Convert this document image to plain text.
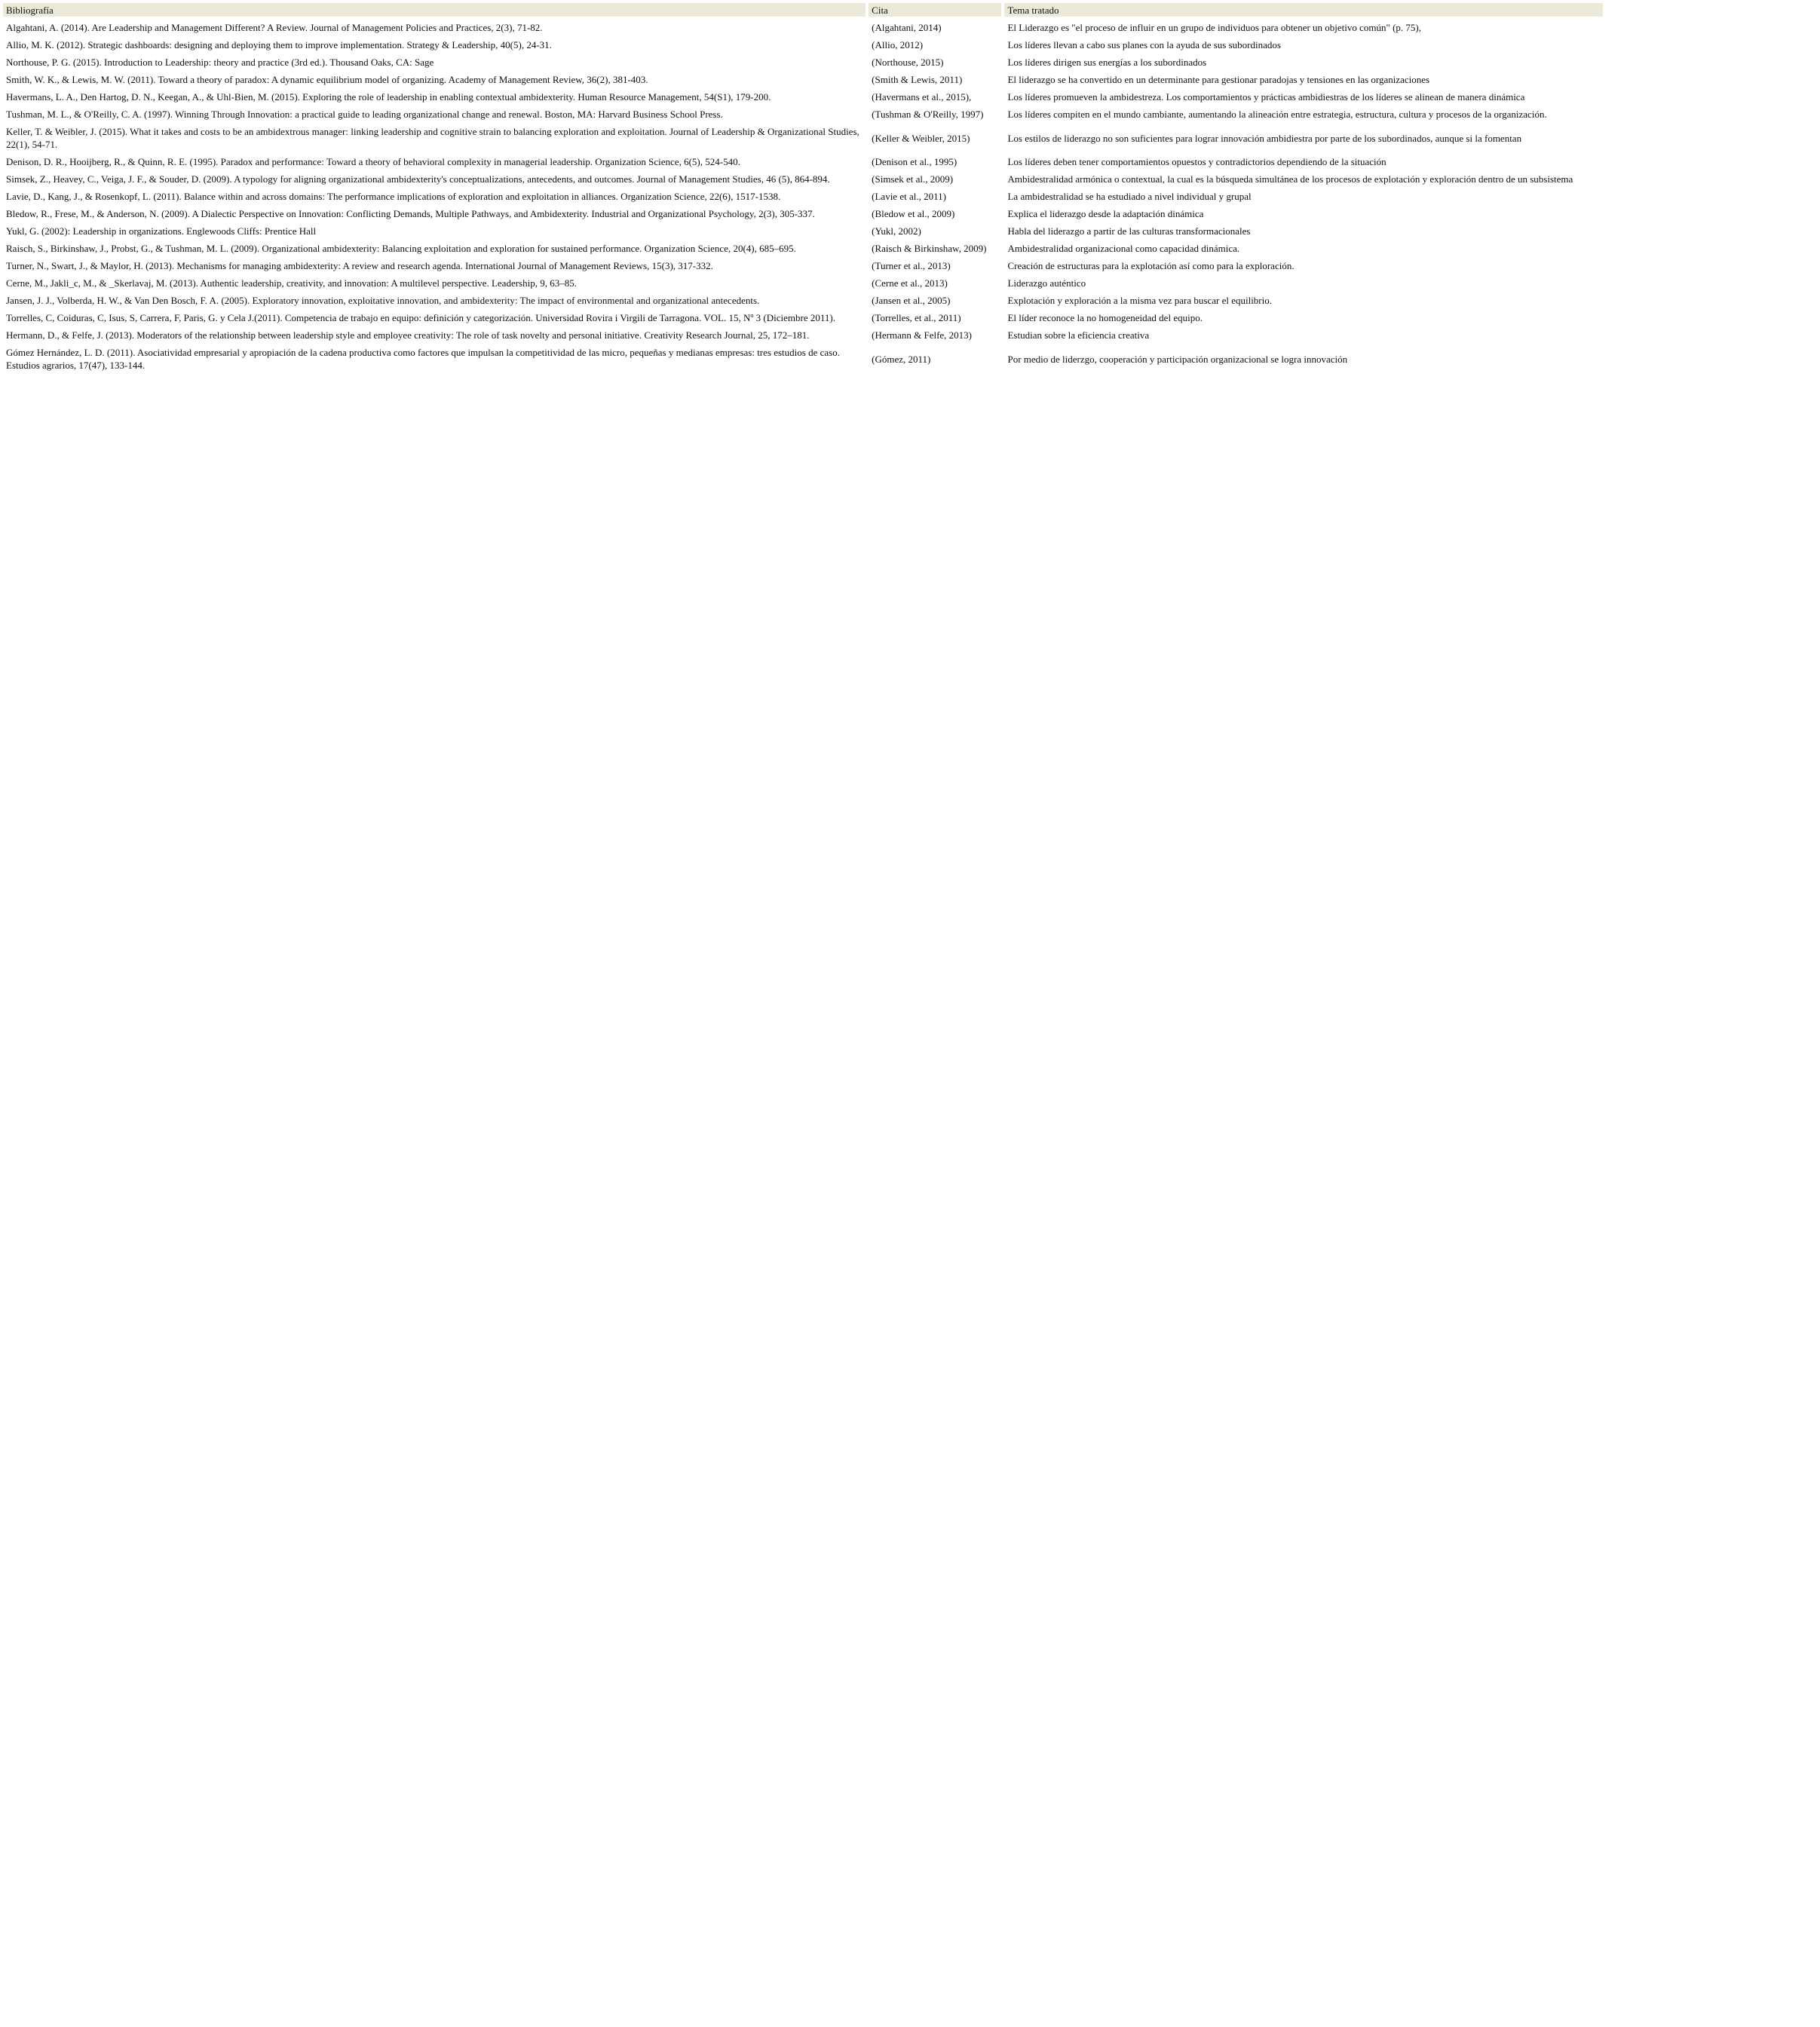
Bibliografía	Cita	Tema tratado
Algahtani, A. (2014). Are Leadership and Management Different? A Review. Journal of Management Policies and Practices, 2(3), 71-82.	(Algahtani, 2014)	El Liderazgo es "el proceso de influir en un grupo de individuos para obtener un objetivo común" (p. 75),
Allio, M. K. (2012). Strategic dashboards: designing and deploying them to improve implementation. Strategy & Leadership, 40(5), 24-31.	(Allio, 2012)	Los líderes llevan a cabo sus planes con la ayuda de sus subordinados
Northouse, P. G. (2015). Introduction to Leadership: theory and practice (3rd ed.). Thousand Oaks, CA: Sage	(Northouse, 2015)	Los líderes dirigen sus energías a los subordinados
Smith, W. K., & Lewis, M. W. (2011). Toward a theory of paradox: A dynamic equilibrium model of organizing. Academy of Management Review, 36(2), 381-403.	(Smith & Lewis, 2011)	El liderazgo se ha convertido en un determinante para gestionar paradojas y tensiones en las organizaciones
Havermans, L. A., Den Hartog, D. N., Keegan, A., & Uhl-Bien, M. (2015). Exploring the role of leadership in enabling contextual ambidexterity. Human Resource Management, 54(S1), 179-200.	(Havermans et al., 2015),	Los líderes promueven la ambidestreza. Los comportamientos y prácticas ambidiestras de los líderes se alinean de manera dinámica
Tushman, M. L., & O'Reilly, C. A. (1997). Winning Through Innovation: a practical guide to leading organizational change and renewal. Boston, MA: Harvard Business School Press.	(Tushman & O'Reilly, 1997)	Los líderes compiten en el mundo cambiante, aumentando la alineación entre estrategia, estructura, cultura y procesos de la organización.
Keller, T. & Weibler, J. (2015). What it takes and costs to be an ambidextrous manager: linking leadership and cognitive strain to balancing exploration and exploitation. Journal of Leadership & Organizational Studies, 22(1), 54-71.	(Keller & Weibler, 2015)	Los estilos de liderazgo no son suficientes para lograr innovación ambidiestra por parte de los subordinados, aunque si la fomentan
Denison, D. R., Hooijberg, R., & Quinn, R. E. (1995). Paradox and performance: Toward a theory of behavioral complexity in managerial leadership. Organization Science, 6(5), 524-540.	(Denison et al., 1995)	Los líderes deben tener comportamientos opuestos y contradictorios dependiendo de la situación
Simsek, Z., Heavey, C., Veiga, J. F., & Souder, D. (2009). A typology for aligning organizational ambidexterity's conceptualizations, antecedents, and outcomes. Journal of Management Studies, 46 (5), 864-894.	(Simsek et al., 2009)	Ambidestralidad armónica o contextual, la cual es la búsqueda simultánea de los procesos de explotación y exploración dentro de un subsistema
Lavie, D., Kang, J., & Rosenkopf, L. (2011). Balance within and across domains: The performance implications of exploration and exploitation in alliances. Organization Science, 22(6), 1517-1538.	(Lavie et al., 2011)	La ambidestralidad se ha estudiado a nivel individual y grupal
Bledow, R., Frese, M., & Anderson, N. (2009). A Dialectic Perspective on Innovation: Conflicting Demands, Multiple Pathways, and Ambidexterity. Industrial and Organizational Psychology, 2(3), 305-337.	(Bledow et al., 2009)	Explica el liderazgo desde la adaptación dinámica
Yukl, G. (2002): Leadership in organizations. Englewoods Cliffs: Prentice Hall	(Yukl, 2002)	Habla del liderazgo a partir de las culturas transformacionales
Raisch, S., Birkinshaw, J., Probst, G., & Tushman, M. L. (2009). Organizational ambidexterity: Balancing exploitation and exploration for sustained performance. Organization Science, 20(4), 685–695.	(Raisch & Birkinshaw, 2009)	Ambidestralidad organizacional como capacidad dinámica.
Turner, N., Swart, J., & Maylor, H. (2013). Mechanisms for managing ambidexterity: A review and research agenda. International Journal of Management Reviews, 15(3), 317-332.	(Turner et al., 2013)	Creación de estructuras para la explotación así como para la exploración.
Cerne, M., Jakli_c, M., & _Skerlavaj, M. (2013). Authentic leadership, creativity, and innovation: A multilevel perspective. Leadership, 9, 63–85.	(Cerne et al., 2013)	Liderazgo auténtico
Jansen, J. J., Volberda, H. W., & Van Den Bosch, F. A. (2005). Exploratory innovation, exploitative innovation, and ambidexterity: The impact of environmental and organizational antecedents.	(Jansen et al., 2005)	Explotación y exploración a la misma vez para buscar el equilibrio.
Torrelles, C, Coiduras, C, Isus, S, Carrera, F, Paris, G. y Cela J.(2011). Competencia de trabajo en equipo: definición y categorización. Universidad Rovira i Virgili de Tarragona. VOL. 15, Nº 3 (Diciembre 2011).	(Torrelles, et al., 2011)	El líder reconoce la no homogeneidad del equipo.
Hermann, D., & Felfe, J. (2013). Moderators of the relationship between leadership style and employee creativity: The role of task novelty and personal initiative. Creativity Research Journal, 25, 172–181.	(Hermann & Felfe, 2013)	Estudian sobre la eficiencia creativa
Gómez Hernández, L. D. (2011). Asociatividad empresarial y apropiación de la cadena productiva como factores que impulsan la competitividad de las micro, pequeñas y medianas empresas: tres estudios de caso. Estudios agrarios, 17(47), 133-144.	(Gómez, 2011)	Por medio de liderzgo, cooperación y participación organizacional se logra innovación
